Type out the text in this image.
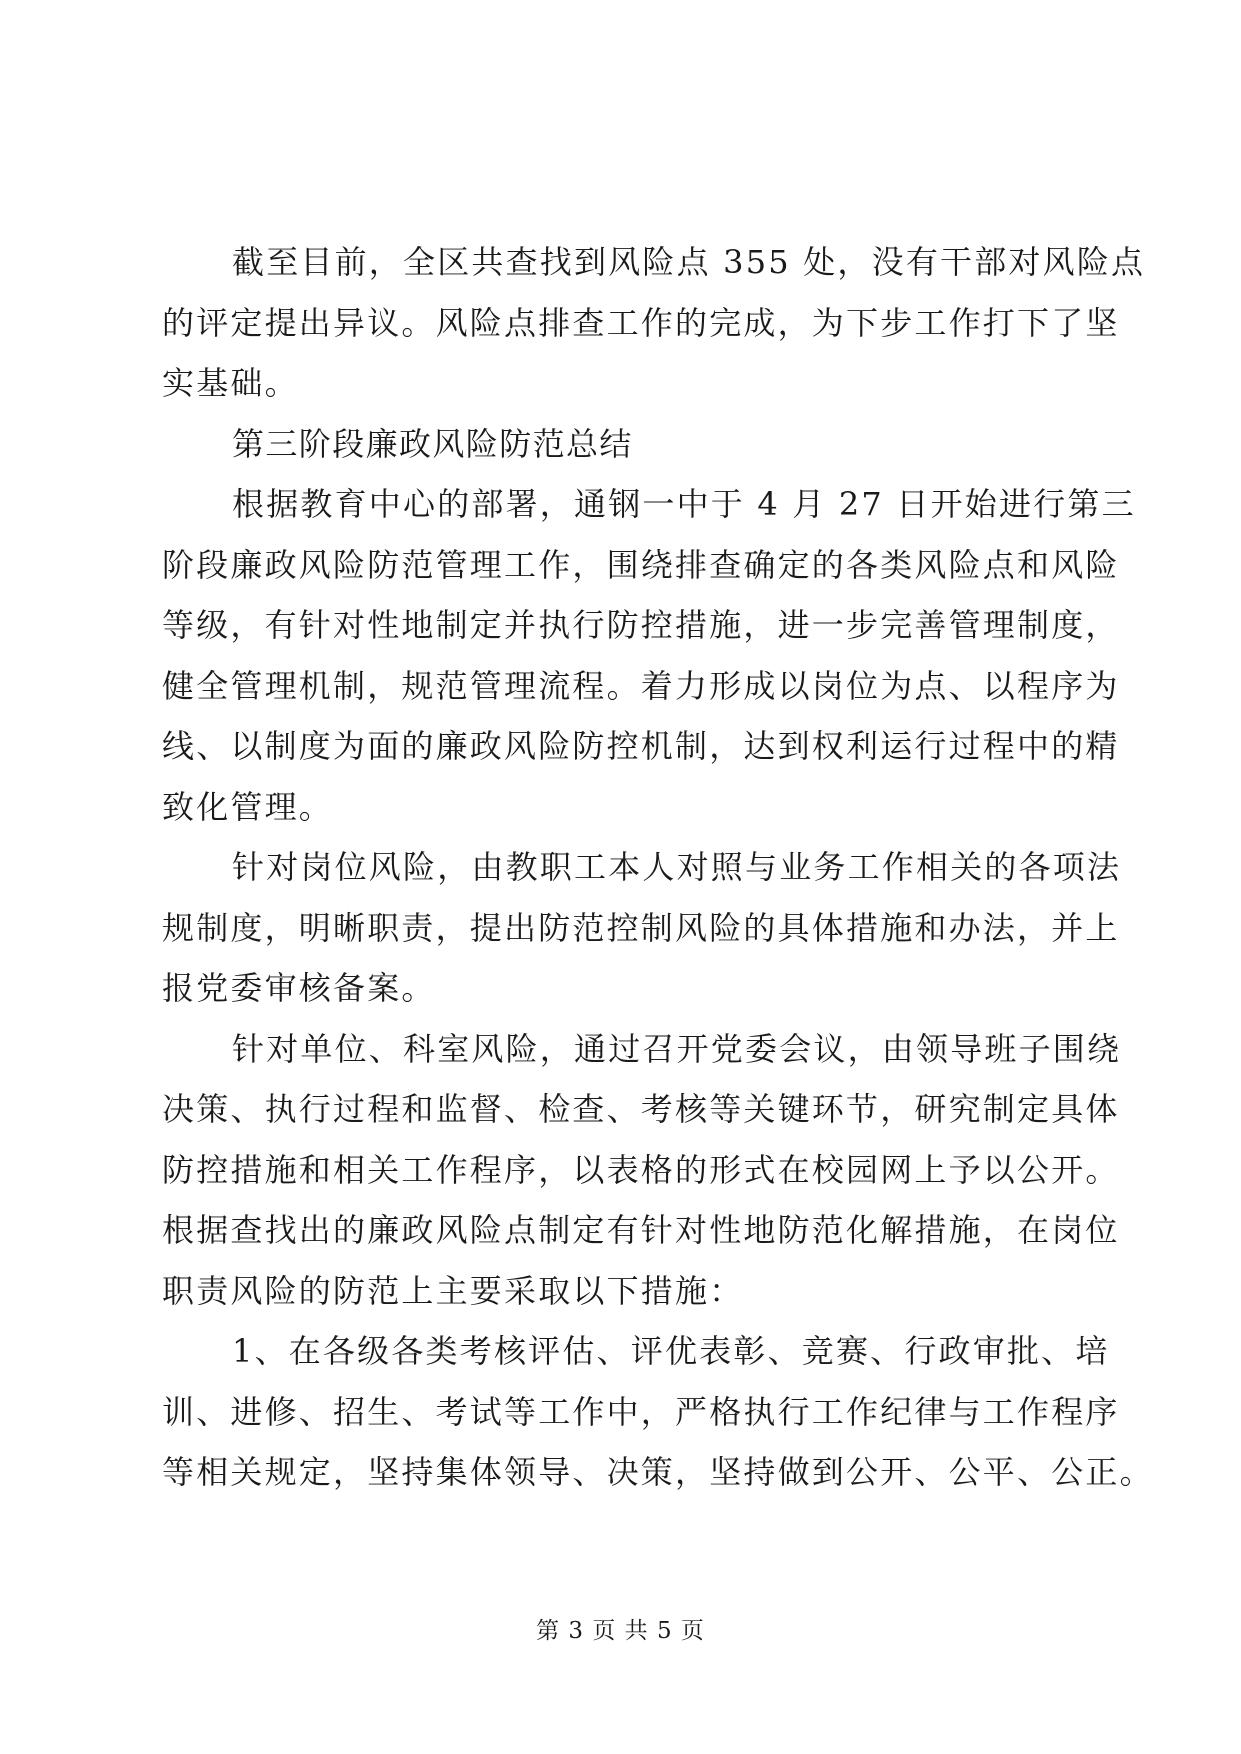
截至目前，全区共查找到风险点 355 处，没有干部对风险点
的评定提出异议。风险点排查工作的完成，为下步工作打下了坚
实基础。
第三阶段廉政风险防范总结
根据教育中心的部署，通钢一中于 4 月 27 日开始进行第三
阶段廉政风险防范管理工作，围绕排查确定的各类风险点和风险
等级，有针对性地制定并执行防控措施，进一步完善管理制度，
健全管理机制，规范管理流程。着力形成以岗位为点、以程序为
线、以制度为面的廉政风险防控机制，达到权利运行过程中的精
致化管理。
针对岗位风险，由教职工本人对照与业务工作相关的各项法
规制度，明晰职责，提出防范控制风险的具体措施和办法，并上
报党委审核备案。
针对单位、科室风险，通过召开党委会议，由领导班子围绕
决策、执行过程和监督、检查、考核等关键环节，研究制定具体
防控措施和相关工作程序，以表格的形式在校园网上予以公开。
根据查找出的廉政风险点制定有针对性地防范化解措施，在岗位
职责风险的防范上主要采取以下措施：
1、在各级各类考核评估、评优表彰、竞赛、行政审批、培
训、进修、招生、考试等工作中，严格执行工作纪律与工作程序
等相关规定，坚持集体领导、决策，坚持做到公开、公平、公正。
第 3 页 共 5 页
